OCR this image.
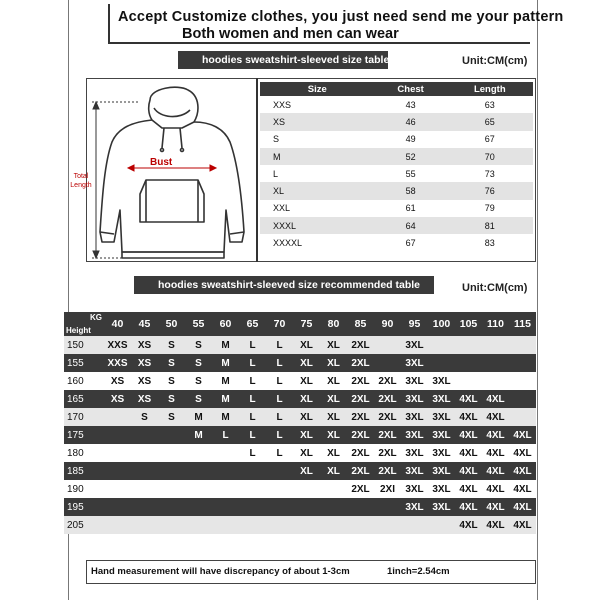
Accept Customize clothes, you just need send me your pattern
Both women and men can wear
hoodies sweatshirt-sleeved size table	Unit:CM(cm)
Total Length
Bust
Size	Chest	Length
XXS	43	63
XS	46	65
S	49	67
M	52	70
L	55	73
XL	58	76
XXL	61	79
XXXL	64	81
XXXXL	67	83
hoodies sweatshirt-sleeved size recommended table	Unit:CM(cm)
KG
Height	40	45	50	55	60	65	70	75	80	85	90	95	100	105	110	115
150	XXS	XS	S	S	M	L	L	XL	XL	2XL		3XL				
155	XXS	XS	S	S	M	L	L	XL	XL	2XL		3XL				
160	XS	XS	S	S	M	L	L	XL	XL	2XL	2XL	3XL	3XL			
165	XS	XS	S	S	M	L	L	XL	XL	2XL	2XL	3XL	3XL	4XL	4XL	
170		S	S	M	M	L	L	XL	XL	2XL	2XL	3XL	3XL	4XL	4XL	
175				M	L	L	L	XL	XL	2XL	2XL	3XL	3XL	4XL	4XL	4XL
180						L	L	XL	XL	2XL	2XL	3XL	3XL	4XL	4XL	4XL
185								XL	XL	2XL	2XL	3XL	3XL	4XL	4XL	4XL
190										2XL	2XI	3XL	3XL	4XL	4XL	4XL
195												3XL	3XL	4XL	4XL	4XL
205														4XL	4XL	4XL
Hand measurement will have discrepancy of about 1-3cm	1inch=2.54cm
